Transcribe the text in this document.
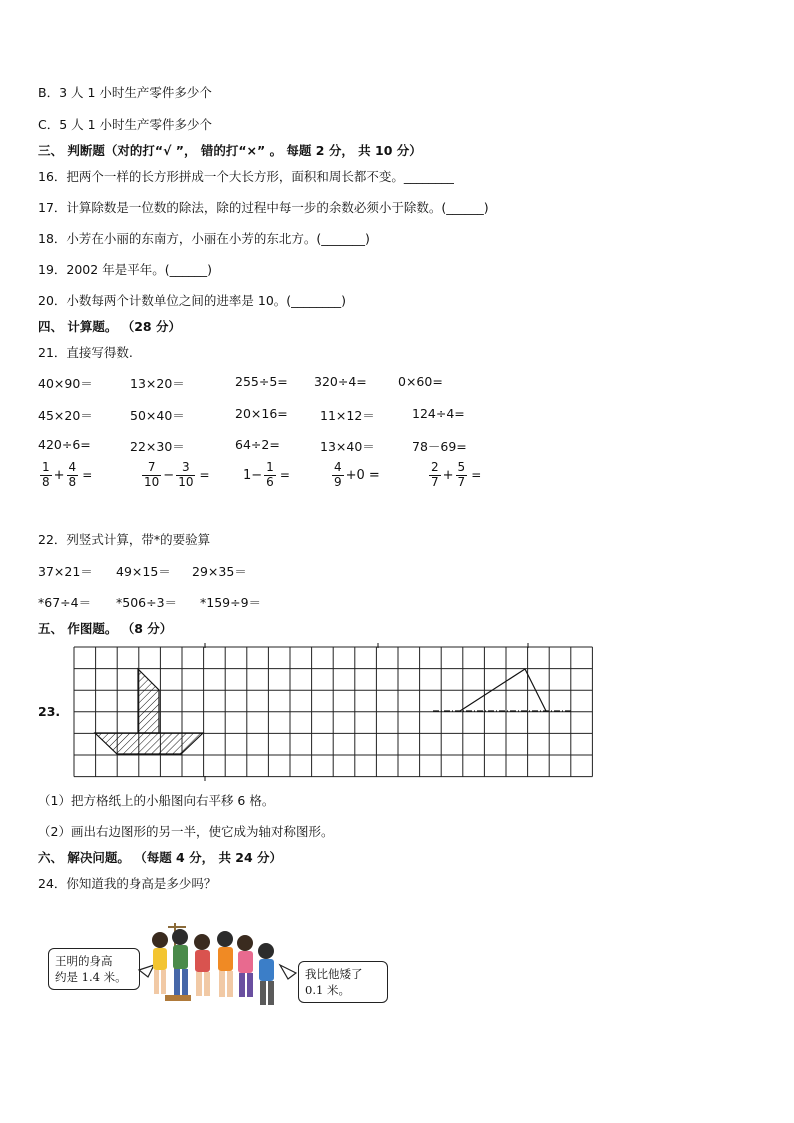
B．3 人 1 小时生产零件多少个
C．5 人 1 小时生产零件多少个
三、 判断题（对的打“√ ”， 错的打“×” 。 每题 2 分， 共 10 分）
16．把两个一样的长方形拼成一个大长方形，面积和周长都不变。________
17．计算除数是一位数的除法，除的过程中每一步的余数必须小于除数。(______)
18．小芳在小丽的东南方，小丽在小芳的东北方。(_______)
19．2002 年是平年。(______)
20．小数每两个计数单位之间的进率是 10。(________)
四、 计算题。 （28 分）
21．直接写得数.
40×90＝	13×20＝	255÷5= 320÷4= 0×60=
45×20＝	50×40＝	20×16=	11×12＝	124÷4=
420÷6=	22×30＝	64÷2=	13×40＝	78－69=
$\frac{1}{8} + \frac{4}{8}$ =	$\frac{7}{10} - \frac{3}{10}$ =	$1- \frac{1}{6}$ =	$\frac{4}{9} +0$ =	$\frac{2}{7} + \frac{5}{7}$ =
22．列竖式计算，带*的要验算
37×21＝ 49×15＝ 29×35＝
*67÷4＝ *506÷3＝ *159÷9＝
五、 作图题。 （8 分）
23.
（1）把方格纸上的小船图向右平移 6 格。
（2）画出右边图形的另一半，使它成为轴对称图形。
六、 解决问题。 （每题 4 分， 共 24 分）
24．你知道我的身高是多少吗？
王明的身高
约是 1.4 米。	我比他矮了
0.1 米。
